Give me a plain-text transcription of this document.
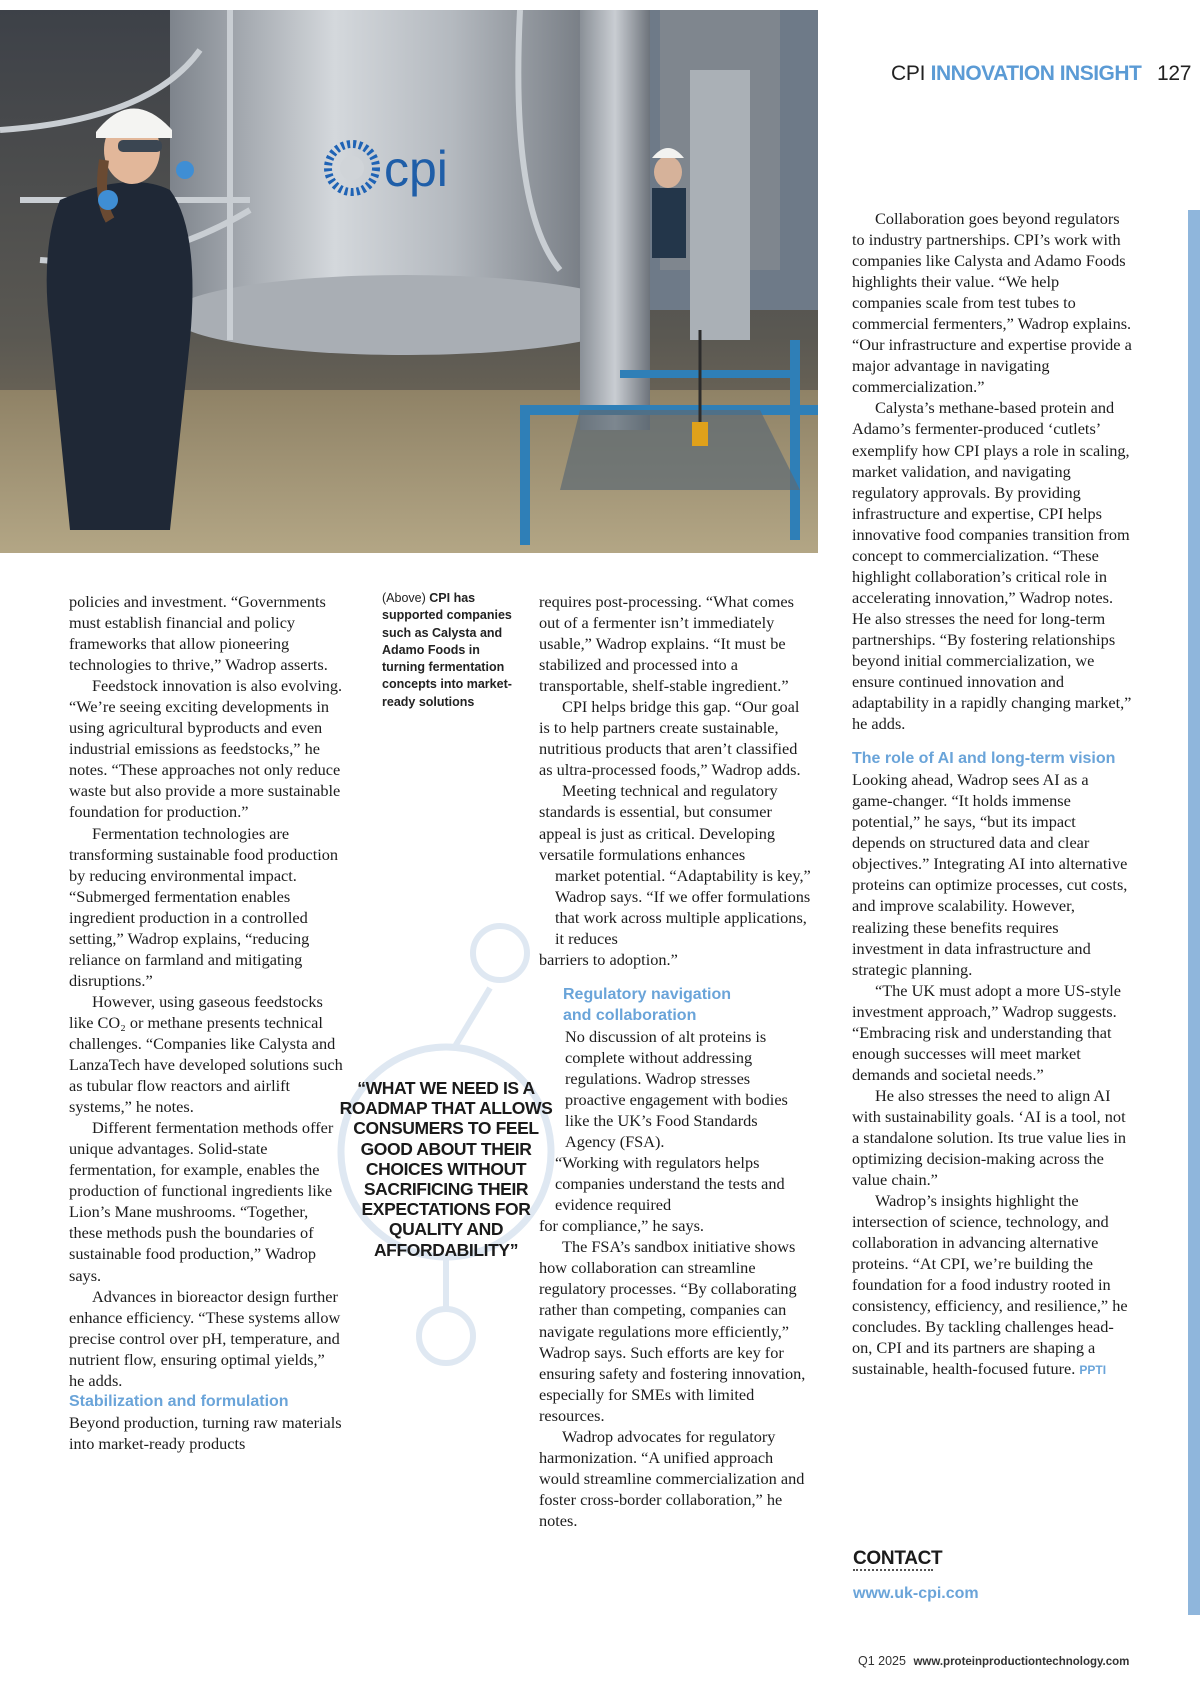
cpi
CPI INNOVATION INSIGHT 127
(Above) CPI has supported companies such as Calysta and Adamo Foods in turning fermentation concepts into market-ready solutions
“WHAT WE NEED IS A ROADMAP THAT ALLOWS CONSUMERS TO FEEL GOOD ABOUT THEIR CHOICES WITHOUT SACRIFICING THEIR EXPECTATIONS FOR QUALITY AND AFFORDABILITY”

policies and investment. “Governments must establish financial and policy frameworks that allow pioneering technologies to thrive,” Wadrop asserts.

Feedstock innovation is also evolving. “We’re seeing exciting developments in using agricultural byproducts and even industrial emissions as feedstocks,” he notes. “These approaches not only reduce waste but also provide a more sustainable foundation for production.”

Fermentation technologies are transforming sustainable food production by reducing environmental impact. “Submerged fermentation enables ingredient production in a controlled setting,” Wadrop explains, “reducing reliance on farmland and mitigating disruptions.”

However, using gaseous feedstocks like CO₂ or methane presents technical challenges. “Companies like Calysta and LanzaTech have developed solutions such as tubular flow reactors and airlift systems,” he notes.

Different fermentation methods offer unique advantages. Solid-state fermentation, for example, enables the production of functional ingredients like Lion’s Mane mushrooms. “Together, these methods push the boundaries of sustainable food production,” Wadrop says.

Advances in bioreactor design further enhance efficiency. “These systems allow precise control over pH, temperature, and nutrient flow, ensuring optimal yields,” he adds.

Stabilization and formulation

Beyond production, turning raw materials into market-ready products

requires post-processing. “What comes out of a fermenter isn’t immediately usable,” Wadrop explains. “It must be stabilized and processed into a transportable, shelf-stable ingredient.”

CPI helps bridge this gap. “Our goal is to help partners create sustainable, nutritious products that aren’t classified as ultra-processed foods,” Wadrop adds.

Meeting technical and regulatory standards is essential, but consumer appeal is just as critical. Developing versatile formulations enhances

market potential. “Adaptability is key,” Wadrop says. “If we offer formulations that work across multiple applications, it reduces

barriers to adoption.”

Regulatory navigation and collaboration

No discussion of alt proteins is complete without addressing regulations. Wadrop stresses proactive engagement with bodies like the UK’s Food Standards Agency (FSA).

“Working with regulators helps companies understand the tests and evidence required

for compliance,” he says.

The FSA’s sandbox initiative shows how collaboration can streamline regulatory processes. “By collaborating rather than competing, companies can navigate regulations more efficiently,” Wadrop says. Such efforts are key for ensuring safety and fostering innovation, especially for SMEs with limited resources.

Wadrop advocates for regulatory harmonization. “A unified approach would streamline commercialization and foster cross-border collaboration,” he notes.

Collaboration goes beyond regulators to industry partnerships. CPI’s work with companies like Calysta and Adamo Foods highlights their value. “We help companies scale from test tubes to commercial fermenters,” Wadrop explains. “Our infrastructure and expertise provide a major advantage in navigating commercialization.”

Calysta’s methane-based protein and Adamo’s fermenter-produced ‘cutlets’ exemplify how CPI plays a role in scaling, market validation, and navigating regulatory approvals. By providing infrastructure and expertise, CPI helps innovative food companies transition from concept to commercialization. “These highlight collaboration’s critical role in accelerating innovation,” Wadrop notes. He also stresses the need for long-term partnerships. “By fostering relationships beyond initial commercialization, we ensure continued innovation and adaptability in a rapidly changing market,” he adds.

The role of AI and long-term vision

Looking ahead, Wadrop sees AI as a game-changer. “It holds immense potential,” he says, “but its impact depends on structured data and clear objectives.” Integrating AI into alternative proteins can optimize processes, cut costs, and improve scalability. However, realizing these benefits requires investment in data infrastructure and strategic planning.

“The UK must adopt a more US-style investment approach,” Wadrop suggests. “Embracing risk and understanding that enough successes will meet market demands and societal needs.”

He also stresses the need to align AI with sustainability goals. ‘AI is a tool, not a standalone solution. Its true value lies in optimizing decision-making across the value chain.”

Wadrop’s insights highlight the intersection of science, technology, and collaboration in advancing alternative proteins. “At CPI, we’re building the foundation for a food industry rooted in consistency, efficiency, and resilience,” he concludes. By tackling challenges head-on, CPI and its partners are shaping a sustainable, health-focused future. PPTI

CONTACT
www.uk-cpi.com
Q1 2025 www.proteinproductiontechnology.com
